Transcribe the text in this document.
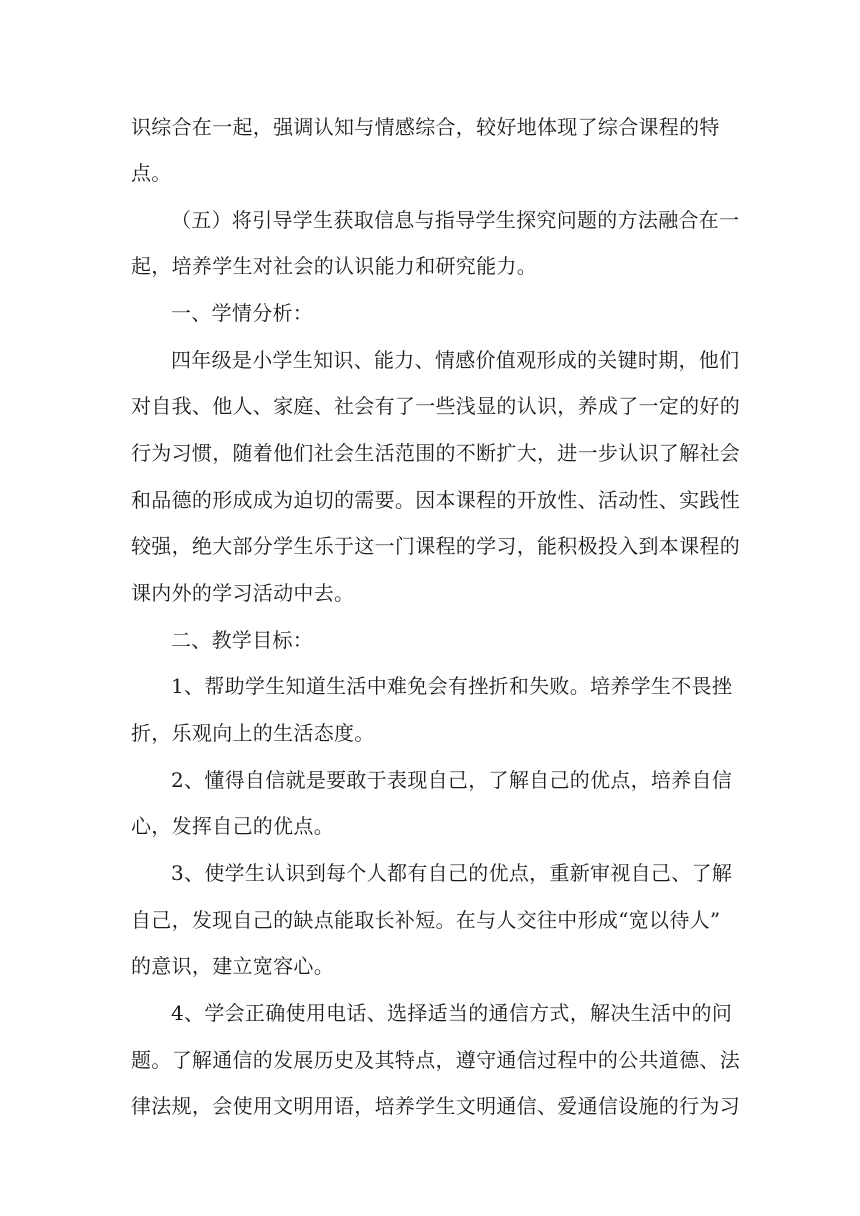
识综合在一起，强调认知与情感综合，较好地体现了综合课程的特
点。
（五）将引导学生获取信息与指导学生探究问题的方法融合在一
起，培养学生对社会的认识能力和研究能力。
一、学情分析：
四年级是小学生知识、能力、情感价值观形成的关键时期，他们
对自我、他人、家庭、社会有了一些浅显的认识，养成了一定的好的
行为习惯，随着他们社会生活范围的不断扩大，进一步认识了解社会
和品德的形成成为迫切的需要。因本课程的开放性、活动性、实践性
较强，绝大部分学生乐于这一门课程的学习，能积极投入到本课程的
课内外的学习活动中去。
二、教学目标：
1、帮助学生知道生活中难免会有挫折和失败。培养学生不畏挫
折，乐观向上的生活态度。
2、懂得自信就是要敢于表现自己，了解自己的优点，培养自信
心，发挥自己的优点。
3、使学生认识到每个人都有自己的优点，重新审视自己、了解
自己，发现自己的缺点能取长补短。在与人交往中形成“宽以待人”
的意识，建立宽容心。
4、学会正确使用电话、选择适当的通信方式，解决生活中的问
题。了解通信的发展历史及其特点，遵守通信过程中的公共道德、法
律法规，会使用文明用语，培养学生文明通信、爱通信设施的行为习
